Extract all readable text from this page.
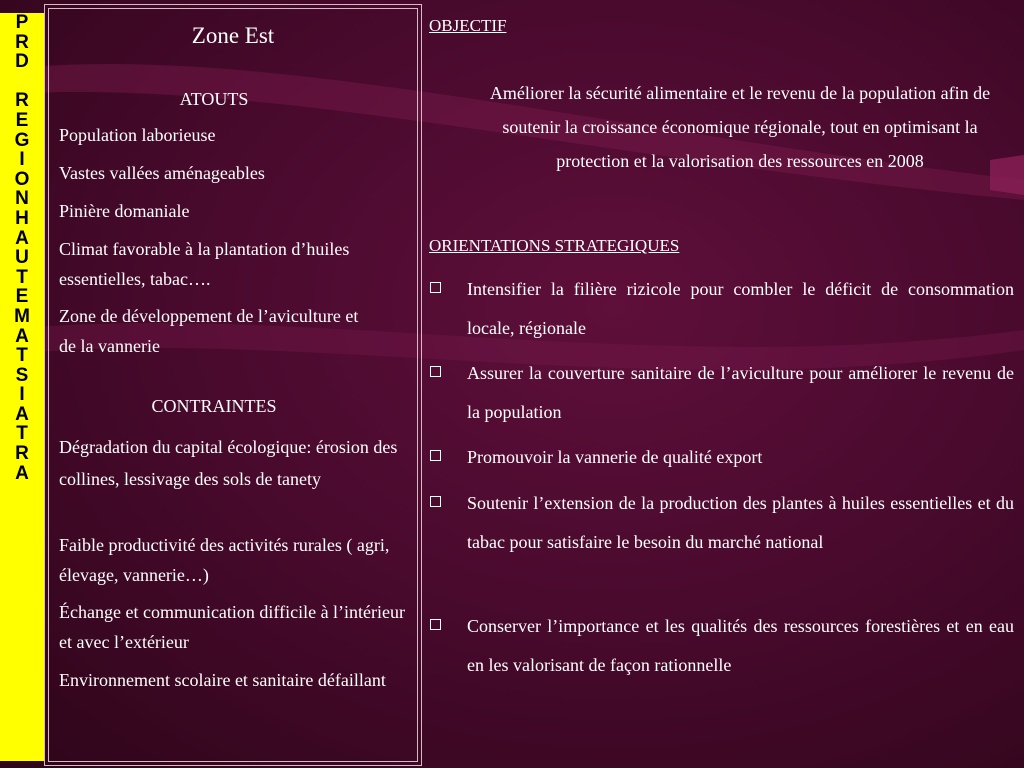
P
R
D
R
E
G
I
O
N
H
A
U
T
E
M
A
T
S
I
A
T
R
A
Zone Est
ATOUTS
Population laborieuse
Vastes vallées aménageables
Pinière domaniale
Climat favorable à la plantation d’huiles essentielles, tabac….
Zone de développement de l’aviculture et de la vannerie
CONTRAINTES
Dégradation du capital écologique: érosion des collines, lessivage des sols de tanety
Faible productivité des activités rurales ( agri, élevage, vannerie…)
Échange et communication difficile à l’intérieur et avec l’extérieur
Environnement scolaire et sanitaire défaillant
OBJECTIF
Améliorer la sécurité alimentaire et le revenu de la population afin de soutenir la croissance économique régionale, tout en optimisant la protection et la valorisation des ressources en 2008
ORIENTATIONS STRATEGIQUES
Intensifier la filière rizicole pour combler le déficit de consommation locale, régionale
Assurer la couverture sanitaire de l’aviculture pour améliorer le revenu de la population
Promouvoir la vannerie de qualité export
Soutenir l’extension de la production des plantes à huiles essentielles et du tabac pour satisfaire le besoin du marché national
Conserver l’importance et les qualités des ressources forestières et en eau en les valorisant de façon rationnelle
